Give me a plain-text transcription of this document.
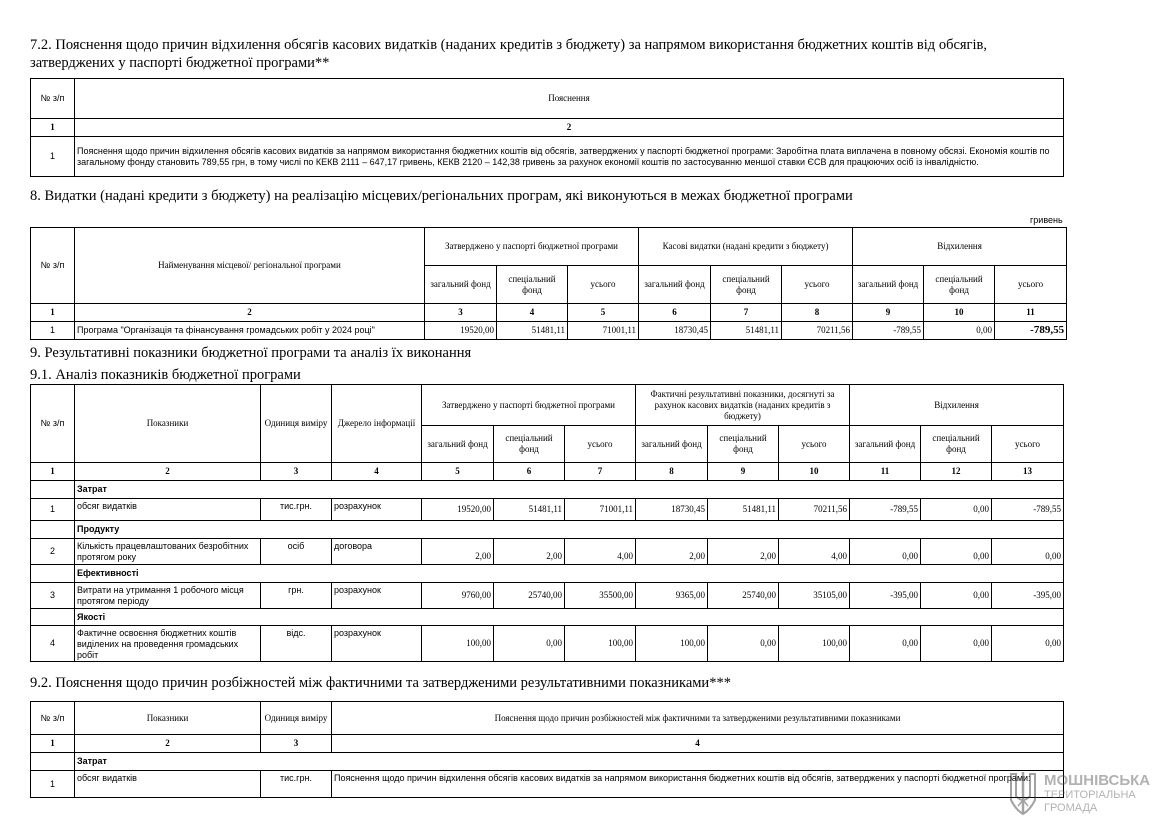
7.2. Пояснення щодо причин відхилення обсягів касових видатків (наданих кредитів з бюджету) за напрямом використання бюджетних коштів від обсягів, затверджених у паспорті бюджетної програми**
№ з/п	Пояснення
1	2
1	Пояснення щодо причин відхилення обсягів касових видатків за напрямом використання бюджетних коштів від обсягів, затверджених у паспорті бюджетної програми: Заробітна плата виплачена в повному обсязі. Економія коштів по загальному фонду становить 789,55 грн, в тому числі по КЕКВ 2111 – 647,17 гривень, КЕКВ 2120 – 142,38 гривень за рахунок економії коштів по застосуванню меншої ставки ЄСВ для працюючих осіб із інвалідністю.
8. Видатки (надані кредити з бюджету) на реалізацію місцевих/регіональних програм, які виконуються в межах бюджетної програми
гривень
№ з/п	Найменування місцевої/ регіональної програми	Затверджено у паспорті бюджетної програми			Касові видатки (надані кредити з бюджету)			Відхилення		
		загальний фонд	спеціальний фонд	усього	загальний фонд	спеціальний фонд	усього	загальний фонд	спеціальний фонд	усього
1	2	3	4	5	6	7	8	9	10	11
1	Програма "Організація та фінансування громадських робіт у 2024 році"	19520,00	51481,11	71001,11	18730,45	51481,11	70211,56	-789,55	0,00	-789,55
9. Результативні показники бюджетної програми та аналіз їх виконання
9.1. Аналіз показників бюджетної програми
№ з/п	Показники	Одиниця виміру	Джерело інформації	Затверджено у паспорті бюджетної програми			Фактичні результативні показники, досягнуті за рахунок касових видатків (наданих кредитів з бюджету)			Відхилення		
				загальний фонд	спеціальний фонд	усього	загальний фонд	спеціальний фонд	усього	загальний фонд	спеціальний фонд	усього
1	2	3	4	5	6	7	8	9	10	11	12	13
	Затрат											
1	обсяг видатків	тис.грн.	розрахунок	19520,00	51481,11	71001,11	18730,45	51481,11	70211,56	-789,55	0,00	-789,55
	Продукту											
2	Кількість працевлаштованих безробітних протягом року	осіб	договора	2,00	2,00	4,00	2,00	2,00	4,00	0,00	0,00	0,00
	Ефективності											
3	Витрати на утримання 1 робочого місця протягом періоду	грн.	розрахунок	9760,00	25740,00	35500,00	9365,00	25740,00	35105,00	-395,00	0,00	-395,00
	Якості											
4	Фактичне освоєння бюджетних коштів виділених на проведення громадських робіт	відс.	розрахунок	100,00	0,00	100,00	100,00	0,00	100,00	0,00	0,00	0,00
9.2. Пояснення щодо причин розбіжностей між фактичними та затвердженими результативними показниками***
№ з/п	Показники	Одиниця виміру	Пояснення щодо причин розбіжностей між фактичними та затвердженими результативними показниками
1	2	3	4
	Затрат		
1	обсяг видатків	тис.грн.	Пояснення щодо причин відхилення обсягів касових видатків за напрямом використання бюджетних коштів від обсягів, затверджених у паспорті бюджетної програми: МОШНІВСЬКА
ТЕРИТОРІАЛЬНА
ГРОМАДА
